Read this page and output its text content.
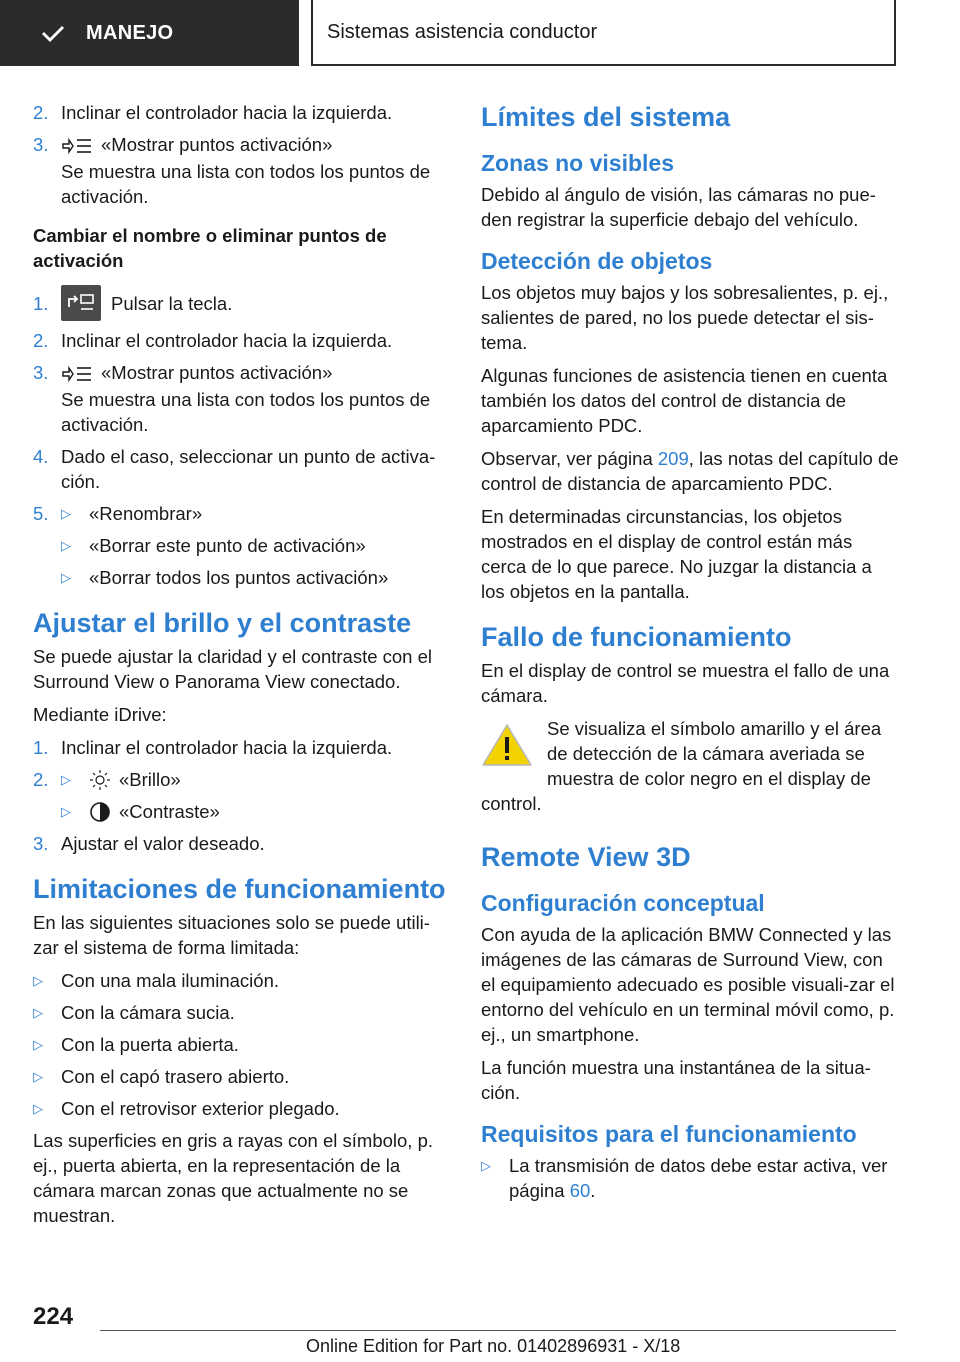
MANEJO	Sistemas asistencia conductor
2. Inclinar el controlador hacia la izquierda.
3.	«Mostrar puntos activación»
Se muestra una lista con todos los puntos de activación.
Cambiar el nombre o eliminar puntos de activación
1.	Pulsar la tecla.
2. Inclinar el controlador hacia la izquierda.
3.	«Mostrar puntos activación»
Se muestra una lista con todos los puntos de activación.
4. Dado el caso, seleccionar un punto de activa‐ción.
5. ▷ «Renombrar»
▷ «Borrar este punto de activación»
▷ «Borrar todos los puntos activación»
Ajustar el brillo y el contraste

Se puede ajustar la claridad y el contraste con el Surround View o Panorama View conectado.

Mediante iDrive:

1. Inclinar el controlador hacia la izquierda.
2. ▷	«Brillo»
▷	«Contraste»
3. Ajustar el valor deseado.
Limitaciones de funcionamiento

En las siguientes situaciones solo se puede utili‐zar el sistema de forma limitada:

▷ Con una mala iluminación.
▷ Con la cámara sucia.
▷ Con la puerta abierta.
▷ Con el capó trasero abierto.
▷ Con el retrovisor exterior plegado.

Las superficies en gris a rayas con el símbolo, p. ej., puerta abierta, en la representación de la cámara marcan zonas que actualmente no se muestran.

Límites del sistema
Zonas no visibles

Debido al ángulo de visión, las cámaras no pue‐den registrar la superficie debajo del vehículo.

Detección de objetos

Los objetos muy bajos y los sobresalientes, p. ej., salientes de pared, no los puede detectar el sis‐tema.

Algunas funciones de asistencia tienen en cuenta también los datos del control de distancia de aparcamiento PDC.

Observar, ver página 209, las notas del capítulo de control de distancia de aparcamiento PDC.

En determinadas circunstancias, los objetos mostrados en el display de control están más cerca de lo que parece. No juzgar la distancia a los objetos en la pantalla.

Fallo de funcionamiento

En el display de control se muestra el fallo de una cámara.

Se visualiza el símbolo amarillo y el área
de detección de la cámara averiada se
muestra de color negro en el display de
control.
Remote View 3D
Configuración conceptual

Con ayuda de la aplicación BMW Connected y las imágenes de las cámaras de Surround View, con el equipamiento adecuado es posible visuali‐zar el entorno del vehículo en un terminal móvil como, p. ej., un smartphone.

La función muestra una instantánea de la situa‐ción.

Requisitos para el funcionamiento
▷ La transmisión de datos debe estar activa, ver página 60.
224
Online Edition for Part no. 01402896931 - X/18
